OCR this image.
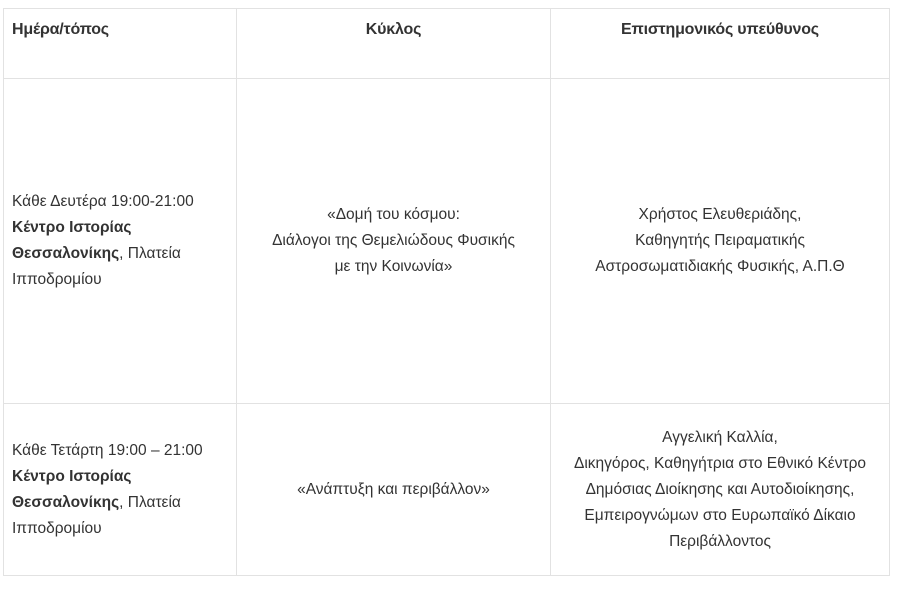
Ημέρα/τόπος	Κύκλος	Επιστημονικός υπεύθυνος

Κάθε Δευτέρα 19:00-21:00
Κέντρο Ιστορίας Θεσσαλονίκης, Πλατεία Ιπποδρομίου	«Δομή του κόσμου:
Διάλογοι της Θεμελιώδους Φυσικής
με την Κοινωνία»	Χρήστος Ελευθεριάδης,
Καθηγητής Πειραματικής
Αστροσωματιδιακής Φυσικής, Α.Π.Θ

Κάθε Τετάρτη 19:00 – 21:00
Κέντρο Ιστορίας Θεσσαλονίκης, Πλατεία Ιπποδρομίου	«Ανάπτυξη και περιβάλλον»	Αγγελική Καλλία,
Δικηγόρος, Καθηγήτρια στο Εθνικό Κέντρο
Δημόσιας Διοίκησης και Αυτοδιοίκησης,
Εμπειρογνώμων στο Ευρωπαϊκό Δίκαιο
Περιβάλλοντος
